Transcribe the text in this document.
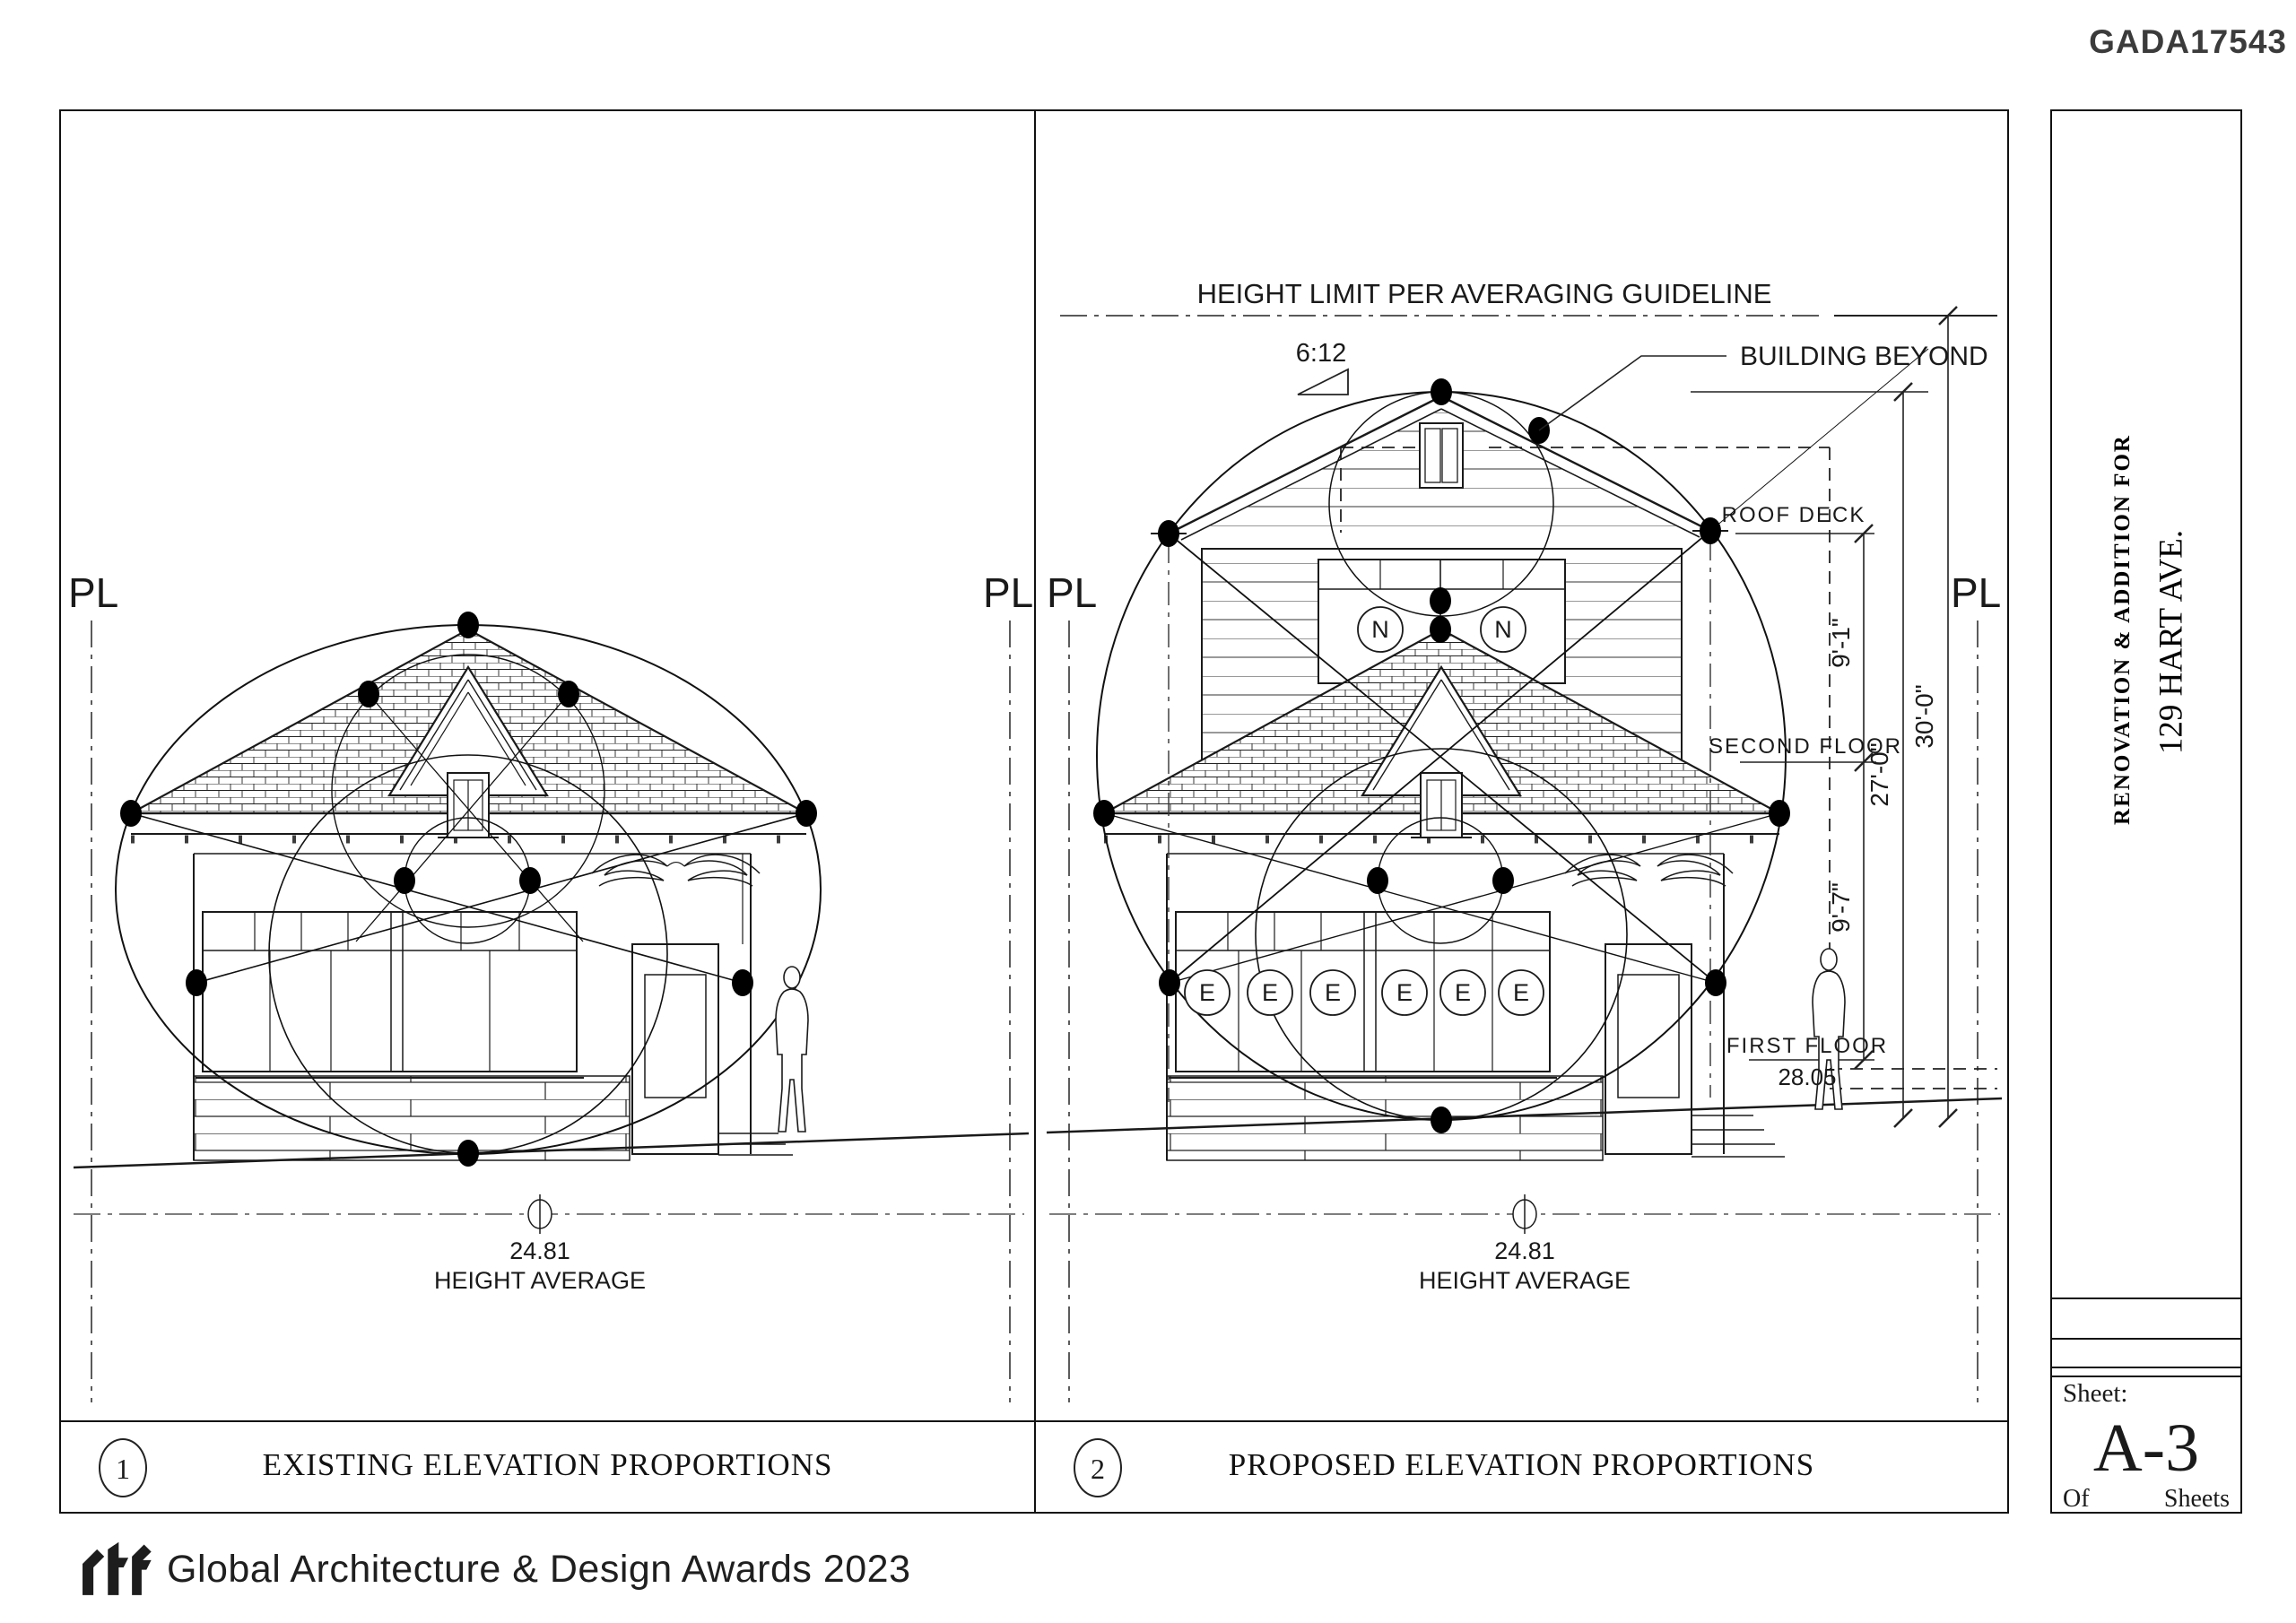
GADA17543
PL	PL
24.81
HEIGHT AVERAGE
1	EXISTING ELEVATION PROPORTIONS
N	N
E E E E E E
PL	PL
HEIGHT LIMIT PER AVERAGING GUIDELINE
6:12	BUILDING BEYOND
ROOF DECK
SECOND FLOOR
FIRST FLOOR
28.05
9'-1"
9'-7"
27'-0"
30'-0"
24.81
HEIGHT AVERAGE
2	PROPOSED ELEVATION PROPORTIONS
RENOVATION & ADDITION FOR 129 HART AVE.
Sheet:
A-3
Of	Sheets
Global Architecture & Design Awards 2023
